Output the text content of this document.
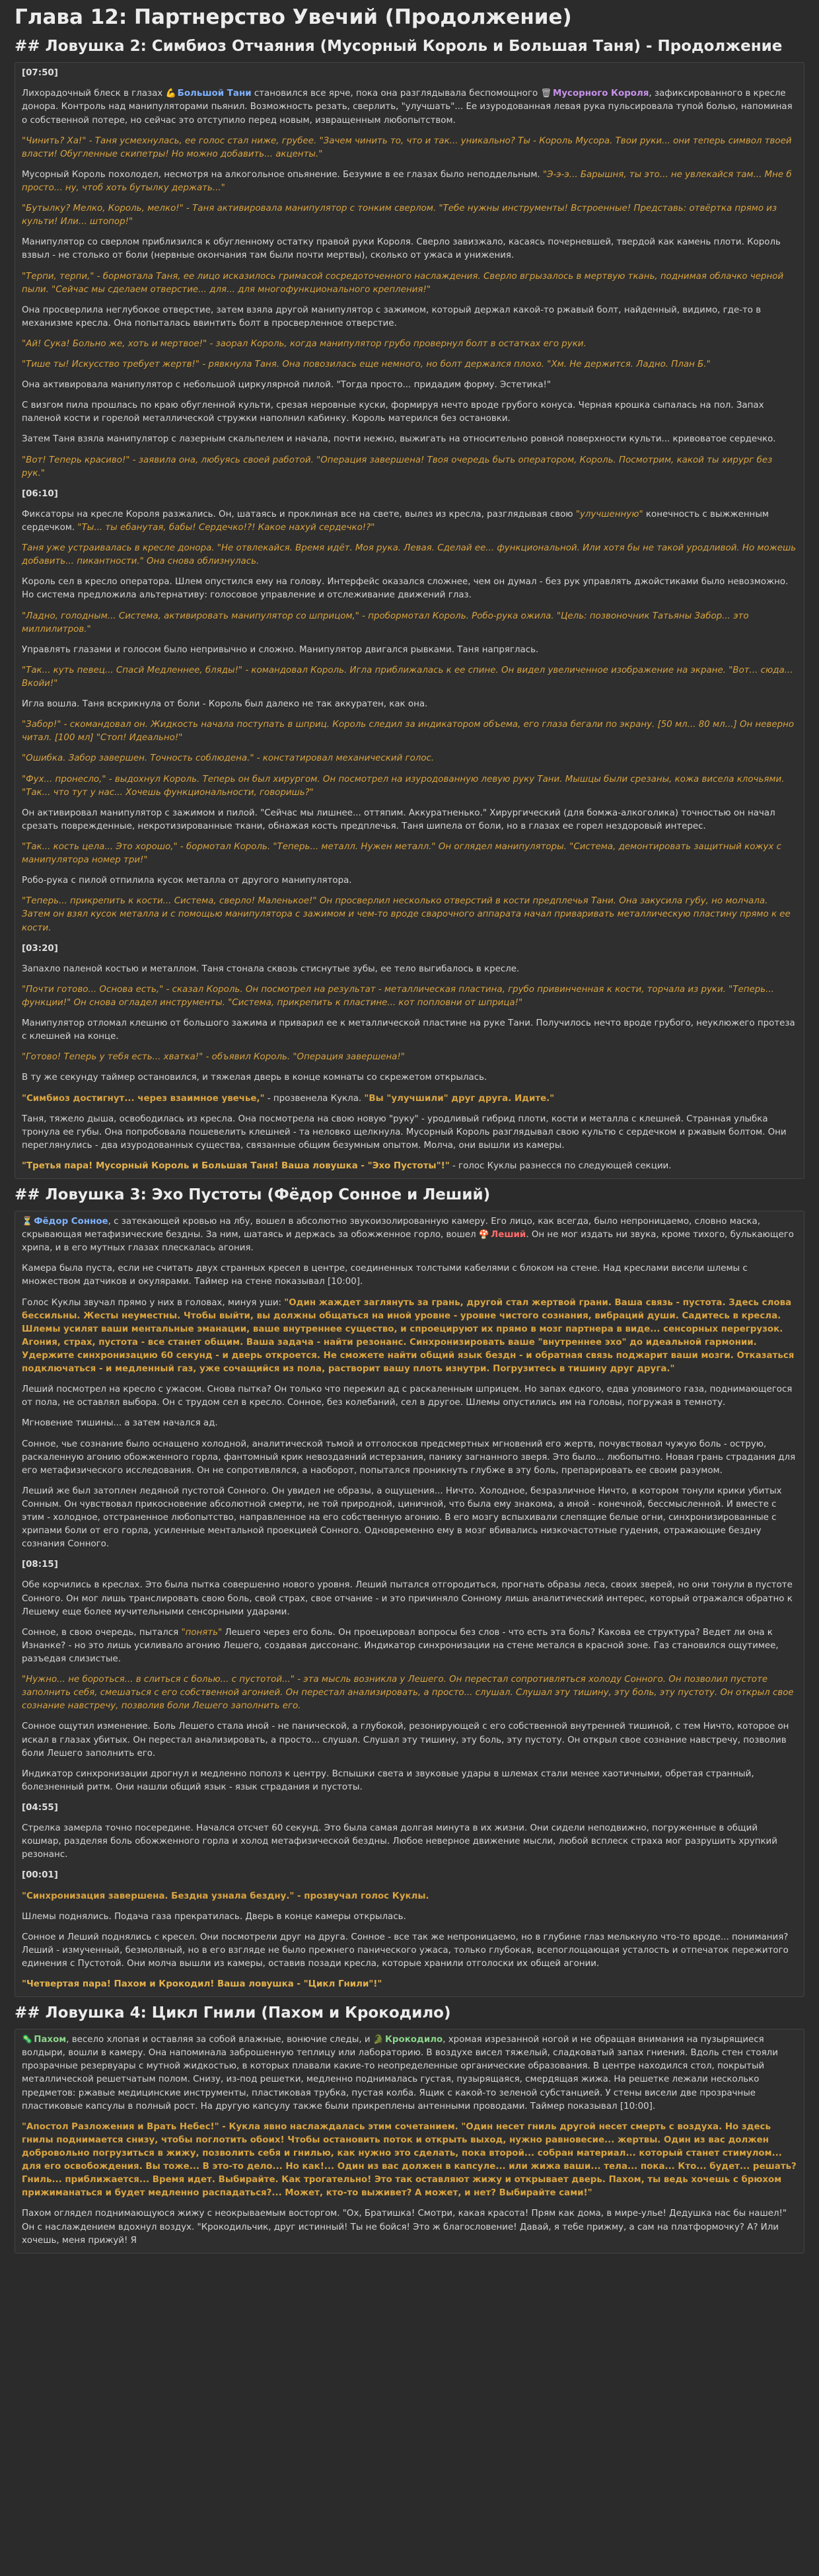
Глава 12: Партнерство Увечий (Продолжение)
## Ловушка 2: Симбиоз Отчаяния (Мусорный Король и Большая Таня) - Продолжение

[07:50]

Лихорадочный блеск в глазах 💪 Большой Тани становился все ярче, пока она разглядывала беспомощного 🗑 Мусорного Короля, зафиксированного в кресле донора. Контроль над манипуляторами пьянил. Возможность резать, сверлить, "улучшать"... Ее изуродованная левая рука пульсировала тупой болью, напоминая о собственной потере, но сейчас это отступило перед новым, извращенным любопытством.

"Чинить? Ха!" - Таня усмехнулась, ее голос стал ниже, грубее. "Зачем чинить то, что и так... уникально? Ты - Король Мусора. Твои руки... они теперь символ твоей власти! Обугленные скипетры! Но можно добавить... акценты."

Мусорный Король похолодел, несмотря на алкогольное опьянение. Безумие в ее глазах было неподдельным. "Э-э-э... Барышня, ты это... не увлекайся там... Мне б просто... ну, чтоб хоть бутылку держать..."

"Бутылку? Мелко, Король, мелко!" - Таня активировала манипулятор с тонким сверлом. "Тебе нужны инструменты! Встроенные! Представь: отвёртка прямо из культи! Или... штопор!"

Манипулятор со сверлом приблизился к обугленному остатку правой руки Короля. Сверло завизжало, касаясь почерневшей, твердой как камень плоти. Король взвыл - не столько от боли (нервные окончания там были почти мертвы), сколько от ужаса и унижения.

"Терпи, терпи," - бормотала Таня, ее лицо исказилось гримасой сосредоточенного наслаждения. Сверло вгрызалось в мертвую ткань, поднимая облачко черной пыли. "Сейчас мы сделаем отверстие... для... для многофункционального крепления!"

Она просверлила неглубокое отверстие, затем взяла другой манипулятор с зажимом, который держал какой-то ржавый болт, найденный, видимо, где-то в механизме кресла. Она попыталась ввинтить болт в просверленное отверстие.

"Ай! Сука! Больно же, хоть и мертвое!" - заорал Король, когда манипулятор грубо провернул болт в остатках его руки.

"Тише ты! Искусство требует жертв!" - рявкнула Таня. Она повозилась еще немного, но болт держался плохо. "Хм. Не держится. Ладно. План Б."

Она активировала манипулятор с небольшой циркулярной пилой. "Тогда просто... придадим форму. Эстетика!"

С визгом пила прошлась по краю обугленной культи, срезая неровные куски, формируя нечто вроде грубого конуса. Черная крошка сыпалась на пол. Запах паленой кости и горелой металлической стружки наполнил кабинку. Король матерился без остановки.

Затем Таня взяла манипулятор с лазерным скальпелем и начала, почти нежно, выжигать на относительно ровной поверхности культи... кривоватое сердечко.

"Вот! Теперь красиво!" - заявила она, любуясь своей работой. "Операция завершена! Твоя очередь быть оператором, Король. Посмотрим, какой ты хирург без рук."

[06:10]

Фиксаторы на кресле Короля разжались. Он, шатаясь и проклиная все на свете, вылез из кресла, разглядывая свою "улучшенную" конечность с выжженным сердечком. "Ты... ты ебанутая, бабы! Сердечко!?! Какое нахуй сердечко!?"

Таня уже устраивалась в кресле донора. "Не отвлекайся. Время идёт. Моя рука. Левая. Сделай ее... функциональной. Или хотя бы не такой уродливой. Но можешь добавить... пикантности." Она снова облизнулась.

Король сел в кресло оператора. Шлем опустился ему на голову. Интерфейс оказался сложнее, чем он думал - без рук управлять джойстиками было невозможно. Но система предложила альтернативу: голосовое управление и отслеживание движений глаз.

"Ладно, голодным... Система, активировать манипулятор со шприцом," - пробормотал Король. Робо-рука ожила. "Цель: позвоночник Татьяны Забор... это миллилитров."

Управлять глазами и голосом было непривычно и сложно. Манипулятор двигался рывками. Таня напряглась.

"Так... куть певец... Спасй Медленнее, бляды!" - командовал Король. Игла приближалась к ее спине. Он видел увеличенное изображение на экране. "Вот... сюда... Вкойи!"

Игла вошла. Таня вскрикнула от боли - Король был далеко не так аккуратен, как она.

"Забор!" - скомандовал он. Жидкость начала поступать в шприц. Король следил за индикатором объема, его глаза бегали по экрану. [50 мл... 80 мл...] Он неверно читал. [100 мл] "Стоп! Идеально!"

"Ошибка. Забор завершен. Точность соблюдена." - констатировал механический голос.

"Фух... пронесло," - выдохнул Король. Теперь он был хирургом. Он посмотрел на изуродованную левую руку Тани. Мышцы были срезаны, кожа висела клочьями. "Так... что тут у нас... Хочешь функциональности, говоришь?"

Он активировал манипулятор с зажимом и пилой. "Сейчас мы лишнее... оттяпим. Аккуратненько." Хирургический (для бомжа-алкоголика) точностью он начал срезать поврежденные, некротизированные ткани, обнажая кость предплечья. Таня шипела от боли, но в глазах ее горел нездоровый интерес.

"Так... кость цела... Это хорошо," - бормотал Король. "Теперь... металл. Нужен металл." Он оглядел манипуляторы. "Система, демонтировать защитный кожух с манипулятора номер три!"

Робо-рука с пилой отпилила кусок металла от другого манипулятора.

"Теперь... прикрепить к кости... Система, сверло! Маленькое!" Он просверлил несколько отверстий в кости предплечья Тани. Она закусила губу, но молчала. Затем он взял кусок металла и с помощью манипулятора с зажимом и чем-то вроде сварочного аппарата начал приваривать металлическую пластину прямо к ее кости.

[03:20]

Запахло паленой костью и металлом. Таня стонала сквозь стиснутые зубы, ее тело выгибалось в кресле.

"Почти готово... Основа есть," - сказал Король. Он посмотрел на результат - металлическая пластина, грубо привинченная к кости, торчала из руки. "Теперь... функции!" Он снова огладел инструменты. "Система, прикрепить к пластине... кот попловни от шприца!"

Манипулятор отломал клешню от большого зажима и приварил ее к металлической пластине на руке Тани. Получилось нечто вроде грубого, неуклюжего протеза с клешней на конце.

"Готово! Теперь у тебя есть... хватка!" - объявил Король. "Операция завершена!"

В ту же секунду таймер остановился, и тяжелая дверь в конце комнаты со скрежетом открылась.

"Симбиоз достигнут... через взаимное увечье," - прозвенела Кукла. "Вы "улучшили" друг друга. Идите."

Таня, тяжело дыша, освободилась из кресла. Она посмотрела на свою новую "руку" - уродливый гибрид плоти, кости и металла с клешней. Странная улыбка тронула ее губы. Она попробовала пошевелить клешней - та неловко щелкнула. Мусорный Король разглядывал свою культю с сердечком и ржавым болтом. Они переглянулись - два изуродованных существа, связанные общим безумным опытом. Молча, они вышли из камеры.

"Третья пара! Мусорный Король и Большая Таня! Ваша ловушка - "Эхо Пустоты"!" - голос Куклы разнесся по следующей секции.

## Ловушка 3: Эхо Пустоты (Фёдор Сонное и Леший)

⏳ Фёдор Сонное, с затекающей кровью на лбу, вошел в абсолютно звукоизолированную камеру. Его лицо, как всегда, было непроницаемо, словно маска, скрывающая метафизические бездны. За ним, шатаясь и держась за обожженное горло, вошел 🍄 Леший. Он не мог издать ни звука, кроме тихого, булькающего хрипа, и в его мутных глазах плескалась агония.

Камера была пуста, если не считать двух странных кресел в центре, соединенных толстыми кабелями с блоком на стене. Над креслами висели шлемы с множеством датчиков и окулярами. Таймер на стене показывал [10:00].

Голос Куклы звучал прямо у них в головах, минуя уши: "Один жаждет заглянуть за грань, другой стал жертвой грани. Ваша связь - пустота. Здесь слова бессильны. Жесты неуместны. Чтобы выйти, вы должны общаться на иной уровне - уровне чистого сознания, вибраций души. Садитесь в кресла. Шлемы усилят ваши ментальные эманации, ваше внутреннее существо, и спроецируют их прямо в мозг партнера в виде... сенсорных перегрузок. Агония, страх, пустота - все станет общим. Ваша задача - найти резонанс. Синхронизировать ваше "внутреннее эхо" до идеальной гармонии. Удержите синхронизацию 60 секунд - и дверь откроется. Не сможете найти общий язык бездн - и обратная связь поджарит ваши мозги. Отказаться подключаться - и медленный газ, уже сочащийся из пола, растворит вашу плоть изнутри. Погрузитесь в тишину друг друга."

Леший посмотрел на кресло с ужасом. Снова пытка? Он только что пережил ад с раскаленным шприцем. Но запах едкого, едва уловимого газа, поднимающегося от пола, не оставлял выбора. Он с трудом сел в кресло. Сонное, без колебаний, сел в другое. Шлемы опустились им на головы, погружая в темноту.

Мгновение тишины... а затем начался ад.

Сонное, чье сознание было оснащено холодной, аналитической тьмой и отголосков предсмертных мгновений его жертв, почувствовал чужую боль - острую, раскаленную агонию обожженного горла, фантомный крик невоздаяний истерзания, панику загнанного зверя. Это было... любопытно. Новая грань страдания для его метафизического исследования. Он не сопротивлялся, а наоборот, попытался проникнуть глубже в эту боль, препарировать ее своим разумом.

Леший же был затоплен ледяной пустотой Сонного. Он увидел не образы, а ощущения... Ничто. Холодное, безразличное Ничто, в котором тонули крики убитых Сонным. Он чувствовал прикосновение абсолютной смерти, не той природной, циничной, что была ему знакома, а иной - конечной, бессмысленной. И вместе с этим - холодное, отстраненное любопытство, направленное на его собственную агонию. В его мозгу вспыхивали слепящие белые огни, синхронизированные с хрипами боли от его горла, усиленные ментальной проекцией Сонного. Одновременно ему в мозг вбивались низкочастотные гудения, отражающие бездну сознания Сонного.

[08:15]

Обе корчились в креслах. Это была пытка совершенно нового уровня. Леший пытался отгородиться, прогнать образы леса, своих зверей, но они тонули в пустоте Сонного. Он мог лишь транслировать свою боль, свой страх, свое отчание - и это причиняло Сонному лишь аналитический интерес, который отражался обратно к Лешему еще более мучительными сенсорными ударами.

Сонное, в свою очередь, пытался "понять" Лешего через его боль. Он проецировал вопросы без слов - что есть эта боль? Какова ее структура? Ведет ли она к Изнанке? - но это лишь усиливало агонию Лешего, создавая диссонанс. Индикатор синхронизации на стене метался в красной зоне. Газ становился ощутимее, разъедая слизистые.

"Нужно... не бороться... в слиться с болью... с пустотой..." - эта мысль возникла у Лешего. Он перестал сопротивляться холоду Сонного. Он позволил пустоте заполнить себя, смешаться с его собственной агонией. Он перестал анализировать, а просто... слушал. Слушал эту тишину, эту боль, эту пустоту. Он открыл свое сознание навстречу, позволив боли Лешего заполнить его.

Сонное ощутил изменение. Боль Лешего стала иной - не панической, а глубокой, резонирующей с его собственной внутренней тишиной, с тем Ничто, которое он искал в глазах убитых. Он перестал анализировать, а просто... слушал. Слушал эту тишину, эту боль, эту пустоту. Он открыл свое сознание навстречу, позволив боли Лешего заполнить его.

Индикатор синхронизации дрогнул и медленно пополз к центру. Вспышки света и звуковые удары в шлемах стали менее хаотичными, обретая странный, болезненный ритм. Они нашли общий язык - язык страдания и пустоты.

[04:55]

Стрелка замерла точно посередине. Начался отсчет 60 секунд. Это была самая долгая минута в их жизни. Они сидели неподвижно, погруженные в общий кошмар, разделяя боль обожженного горла и холод метафизической бездны. Любое неверное движение мысли, любой всплеск страха мог разрушить хрупкий резонанс.

[00:01]

"Синхронизация завершена. Бездна узнала бездну." - прозвучал голос Куклы.

Шлемы поднялись. Подача газа прекратилась. Дверь в конце камеры открылась.

Сонное и Леший поднялись с кресел. Они посмотрели друг на друга. Сонное - все так же непроницаемо, но в глубине глаз мелькнуло что-то вроде... понимания? Леший - измученный, безмолвный, но в его взгляде не было прежнего панического ужаса, только глубокая, всепоглощающая усталость и отпечаток пережитого единения с Пустотой. Они молча вышли из камеры, оставив позади кресла, которые хранили отголоски их общей агонии.

"Четвертая пара! Пахом и Крокодил! Ваша ловушка - "Цикл Гнили"!"

## Ловушка 4: Цикл Гнили (Пахом и Крокодило)

🦠 Пахом, весело хлопая и оставляя за собой влажные, вонючие следы, и 🐊 Крокодило, хромая изрезанной ногой и не обращая внимания на пузырящиеся волдыри, вошли в камеру. Она напоминала заброшенную теплицу или лабораторию. В воздухе висел тяжелый, сладковатый запах гниения. Вдоль стен стояли прозрачные резервуары с мутной жидкостью, в которых плавали какие-то неопределенные органические образования. В центре находился стол, покрытый металлической решетчатым полом. Снизу, из-под решетки, медленно поднималась густая, пузырящаяся, смердящая жижа. На решетке лежали несколько предметов: ржавые медицинские инструменты, пластиковая трубка, пустая колба. Ящик с какой-то зеленой субстанцией. У стены висели две прозрачные пластиковые капсулы в полный рост. На другую капсулу также были прикреплены антенными проводами. Таймер показывал [10:00].

"Апостол Разложения и Врать Небес!" - Кукла явно наслаждалась этим сочетанием. "Один несет гниль другой несет смерть с воздуха. Но здесь гнилы поднимается снизу, чтобы поглотить обоих! Чтобы остановить поток и открыть выход, нужно равновесие... жертвы. Один из вас должен добровольно погрузиться в жижу, позволить себя и гнилью, как нужно это сделать, пока второй... собран материал... который станет стимулом... для его освобождения. Вы тоже... В это-то дело... Но как!... Один из вас должен в капсуле... или жижа ваши... тела... пока... Кто... будет... решать? Гниль... приближается... Время идет. Выбирайте. Как трогательно! Это так оставляют жижу и открывает дверь. Пахом, ты ведь хочешь с брюхом прижиманаться и будет медленно распадаться?... Может, кто-то выживет? А может, и нет? Выбирайте сами!"

Пахом оглядел поднимающуюся жижу с неокрываемым восторгом. "Ох, Братишка! Смотри, какая красота! Прям как дома, в мире-улье! Дедушка нас бы нашел!" Он с наслаждением вдохнул воздух. "Крокодильчик, друг истинный! Ты не бойся! Это ж благословение! Давай, я тебе прижму, а сам на платформочку? А? Или хочешь, меня прижуй! Я
